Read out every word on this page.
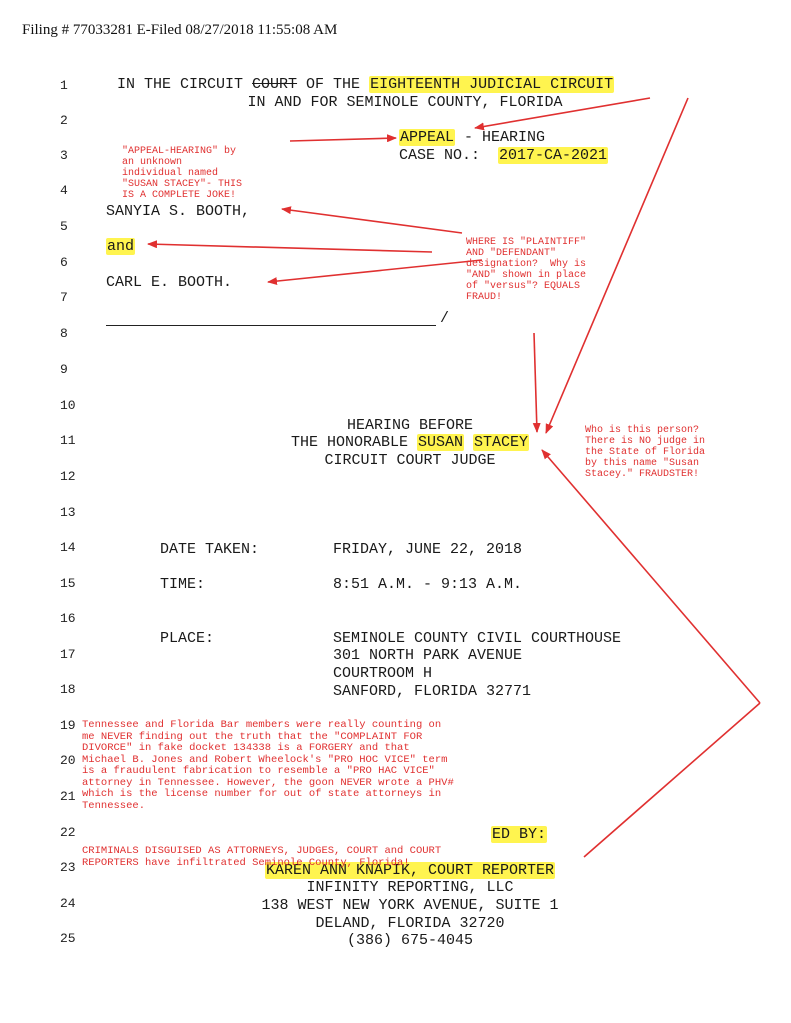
Filing # 77033281 E-Filed 08/27/2018 11:55:08 AM
1
2
3
4
5
6
7
8
9
10
11
12
13
14
15
16
17
18
19
20
21
22
23
24
25
IN THE CIRCUIT COURT OF THE EIGHTEENTH JUDICIAL CIRCUIT
IN AND FOR SEMINOLE COUNTY, FLORIDA
APPEAL - HEARING
CASE NO.:  2017-CA-2021
SANYIA S. BOOTH,
and
CARL E. BOOTH.
/
HEARING BEFORE
THE HONORABLE SUSAN STACEY
CIRCUIT COURT JUDGE
DATE TAKEN:	FRIDAY, JUNE 22, 2018
TIME:	8:51 A.M. - 9:13 A.M.
PLACE:	SEMINOLE COUNTY CIVIL COURTHOUSE
301 NORTH PARK AVENUE
COURTROOM H
SANFORD, FLORIDA 32771
ED BY:
KAREN ANN KNAPIK, COURT REPORTER
INFINITY REPORTING, LLC
138 WEST NEW YORK AVENUE, SUITE 1
DELAND, FLORIDA 32720
(386) 675-4045

"APPEAL-HEARING" by
an unknown
individual named
"SUSAN STACEY"- THIS
IS A COMPLETE JOKE!

WHERE IS "PLAINTIFF"
AND "DEFENDANT"
designation?  Why is
"AND" shown in place
of "versus"? EQUALS
FRAUD!

Who is this person?
There is NO judge in
the State of Florida
by this name "Susan
Stacey." FRAUDSTER!

Tennessee and Florida Bar members were really counting on
me NEVER finding out the truth that the "COMPLAINT FOR
DIVORCE" in fake docket 134338 is a FORGERY and that
Michael B. Jones and Robert Wheelock's "PRO HOC VICE" term
is a fraudulent fabrication to resemble a "PRO HAC VICE"
attorney in Tennessee. However, the goon NEVER wrote a PHV#
which is the license number for out of state attorneys in
Tennessee.

CRIMINALS DISGUISED AS ATTORNEYS, JUDGES, COURT and COURT
REPORTERS have infiltrated Seminole County, Florida!
